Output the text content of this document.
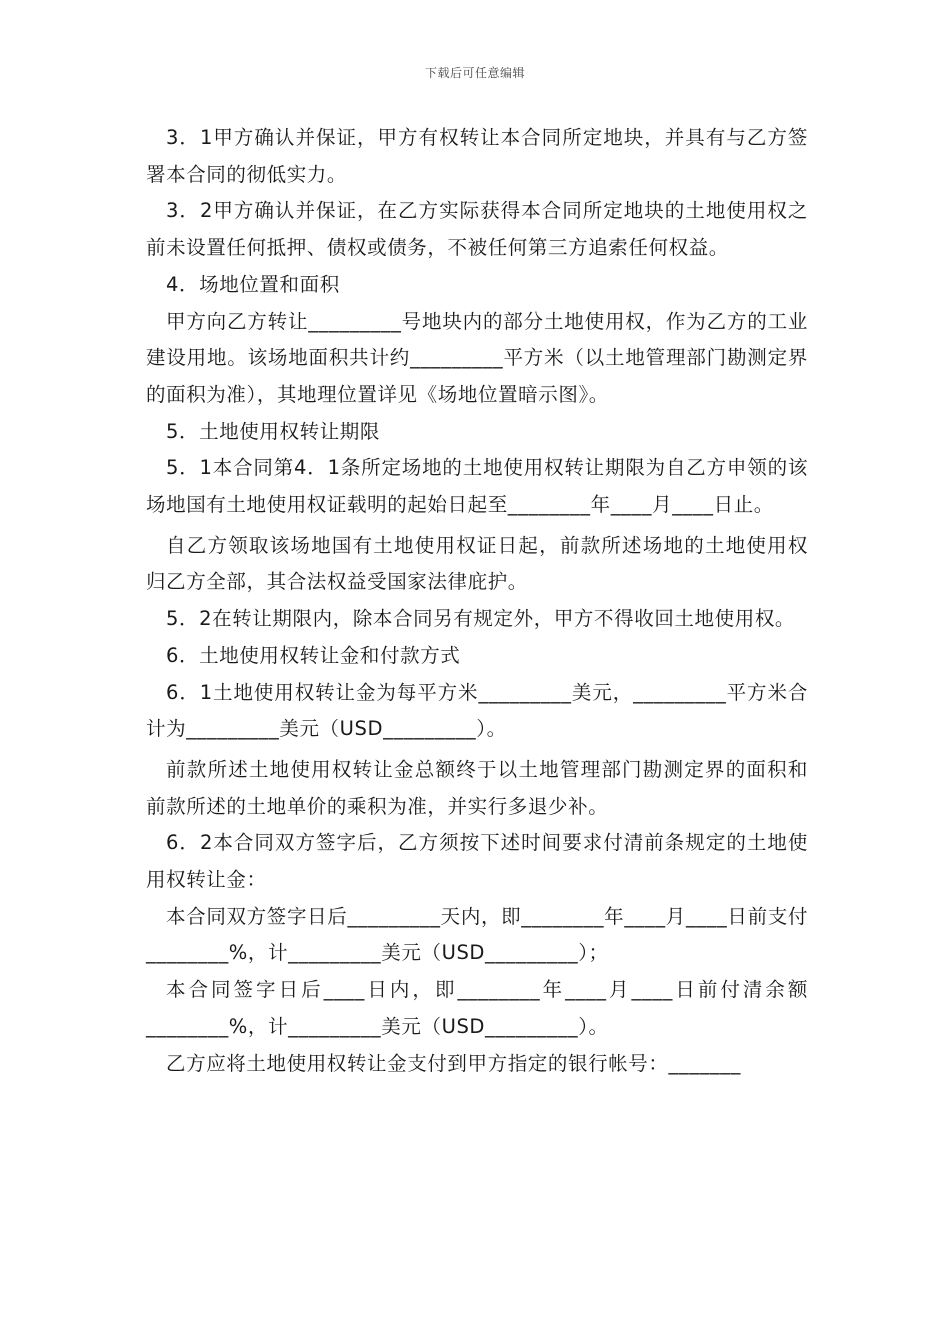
下载后可任意编辑

3．1甲方确认并保证，甲方有权转让本合同所定地块，并具有与乙方签署本合同的彻低实力。

3．2甲方确认并保证，在乙方实际获得本合同所定地块的土地使用权之前未设置任何抵押、债权或债务，不被任何第三方追索任何权益。

4．场地位置和面积

甲方向乙方转让_________号地块内的部分土地使用权，作为乙方的工业建设用地。该场地面积共计约_________平方米（以土地管理部门勘测定界的面积为准），其地理位置详见《场地位置暗示图》。

5．土地使用权转让期限

5．1本合同第4．1条所定场地的土地使用权转让期限为自乙方申领的该场地国有土地使用权证载明的起始日起至________年____月____日止。

自乙方领取该场地国有土地使用权证日起，前款所述场地的土地使用权归乙方全部，其合法权益受国家法律庇护。

5．2在转让期限内，除本合同另有规定外，甲方不得收回土地使用权。

6．土地使用权转让金和付款方式

6．1土地使用权转让金为每平方米_________美元，_________平方米合计为_________美元（USD_________）。

前款所述土地使用权转让金总额终于以土地管理部门勘测定界的面积和前款所述的土地单价的乘积为准，并实行多退少补。

6．2本合同双方签字后，乙方须按下述时间要求付清前条规定的土地使用权转让金：

本合同双方签字日后_________天内，即________年____月____日前支付________%，计_________美元（USD_________）；

本合同签字日后____日内，即________年____月____日前付清余额________%，计_________美元（USD_________）。

乙方应将土地使用权转让金支付到甲方指定的银行帐号：_______
